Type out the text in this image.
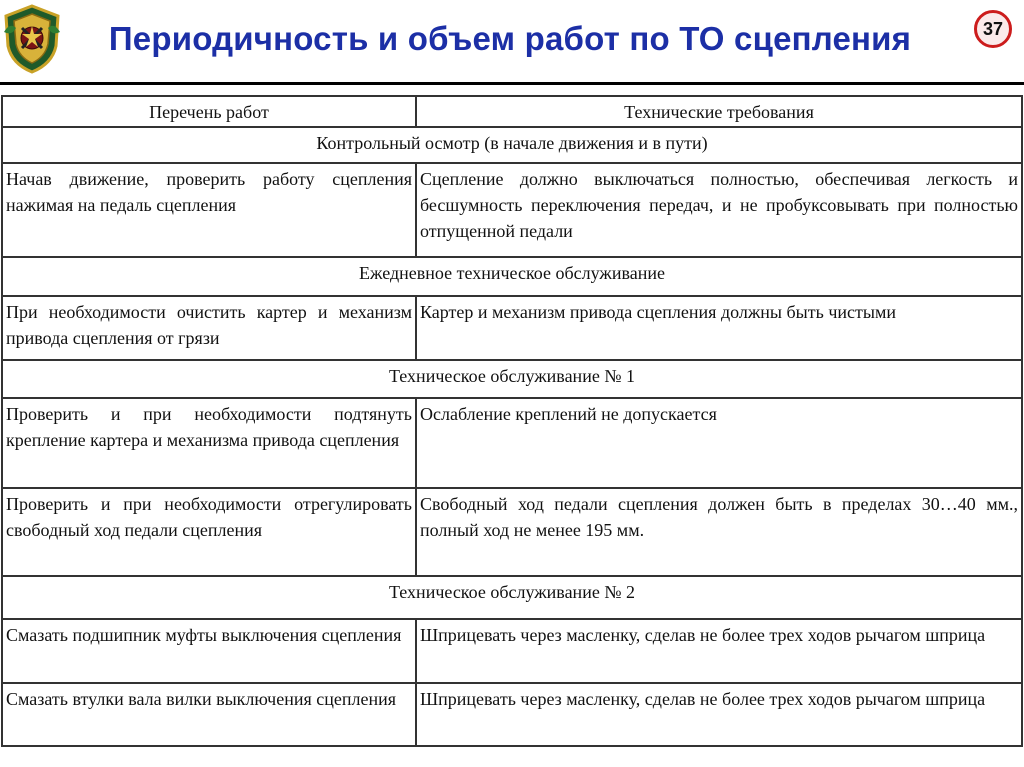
Периодичность и объем работ по ТО сцепления	37
Перечень работ	Технические требования
Контрольный осмотр (в начале движения и в пути)	
Начав движение, проверить работу сцепления нажимая на педаль сцепления	Сцепление должно выключаться полностью, обеспечивая легкость и бесшумность переключения передач, и не пробуксовывать при полностью отпущенной педали
Ежедневное техническое обслуживание	
При необходимости очистить картер и механизм привода сцепления от грязи	Картер и механизм привода сцепления должны быть чистыми
Техническое обслуживание № 1	
Проверить и при необходимости подтянуть крепление картера и механизма привода сцепления	Ослабление креплений не допускается
Проверить и при необходимости отрегулировать свободный ход педали сцепления	Свободный ход педали сцепления должен быть в пределах 30…40 мм., полный ход не менее 195 мм.
Техническое обслуживание № 2	
Смазать подшипник муфты выключения сцепления	Шприцевать через масленку, сделав не более трех ходов рычагом шприца
Смазать втулки вала вилки выключения сцепления	Шприцевать через масленку, сделав не более трех ходов рычагом шприца
